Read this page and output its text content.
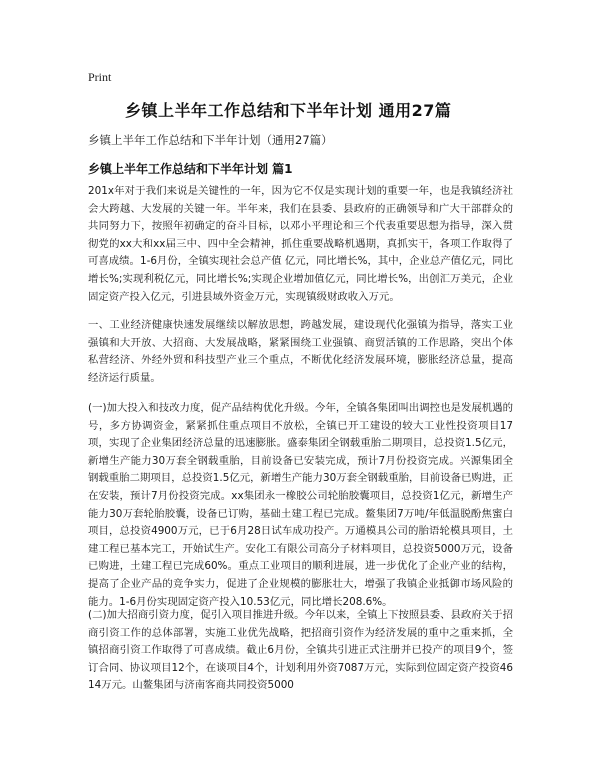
Print
乡镇上半年工作总结和下半年计划 通用27篇
乡镇上半年工作总结和下半年计划（通用27篇）
乡镇上半年工作总结和下半年计划 篇1

201x年对于我们来说是关键性的一年，因为它不仅是实现计划的重要一年，也是我镇经济社会大跨越、大发展的关键一年。半年来，我们在县委、县政府的正确领导和广大干部群众的共同努力下，按照年初确定的奋斗目标，以邓小平理论和三个代表重要思想为指导，深入贯彻党的xx大和xx届三中、四中全会精神，抓住重要战略机遇期，真抓实干，各项工作取得了可喜成绩。1-6月份，全镇实现社会总产值 亿元，同比增长%，其中，企业总产值亿元，同比增长%;实现利税亿元，同比增长%;实现企业增加值亿元，同比增长%，出创汇万美元，企业固定资产投入亿元，引进县域外资金万元，实现镇级财政收入万元。

一、工业经济健康快速发展继续以解放思想，跨越发展，建设现代化强镇为指导，落实工业强镇和大开放、大招商、大发展战略，紧紧围绕工业强镇、商贸活镇的工作思路，突出个体私营经济、外经外贸和科技型产业三个重点，不断优化经济发展环境，膨胀经济总量，提高经济运行质量。

(一)加大投入和技改力度，促产品结构优化升级。今年，全镇各集团叫出调控也是发展机遇的号，多方协调资金，紧紧抓住重点项目不放松，全镇已开工建设的较大工业性投资项目17项，实现了企业集团经济总量的迅速膨胀。盛泰集团全钢载重胎二期项目，总投资1.5亿元，新增生产能力30万套全钢载重胎，目前设备已安装完成，预计7月份投资完成。兴源集团全钢载重胎二期项目，总投资1.5亿元，新增生产能力30万套全钢载重胎，目前设备已购进，正在安装，预计7月份投资完成。xx集团永一橡胶公司轮胎胶囊项目，总投资1亿元，新增生产能力30万套轮胎胶囊，设备已订购，基础土建工程已完成。鳌集团7万吨/年低温脱酚焦蜜白项目，总投资4900万元，已于6月28日试车成功投产。万通模具公司的胎语轮模具项目，土建工程已基本完工，开始试生产。安化工有限公司高分子材料项目，总投资5000万元，设备已购进，土建工程已完成60%。重点工业项目的顺利进展，进一步优化了企业产业的结构，提高了企业产品的竞争实力，促进了企业规模的膨胀壮大，增强了我镇企业抵御市场风险的能力。1-6月份实现固定资产投入10.53亿元，同比增长208.6%。

(二)加大招商引资力度，促引入项目推进升级。今年以来，全镇上下按照县委、县政府关于招商引资工作的总体部署，实施工业优先战略，把招商引资作为经济发展的重中之重来抓，全镇招商引资工作取得了可喜成绩。截止6月份，全镇共引进正式注册并已投产的项目9个，签订合同、协议项目12个，在谈项目4个，计划利用外资7087万元，实际到位固定资产投资4614万元。山鳌集团与济南客商共同投资5000
